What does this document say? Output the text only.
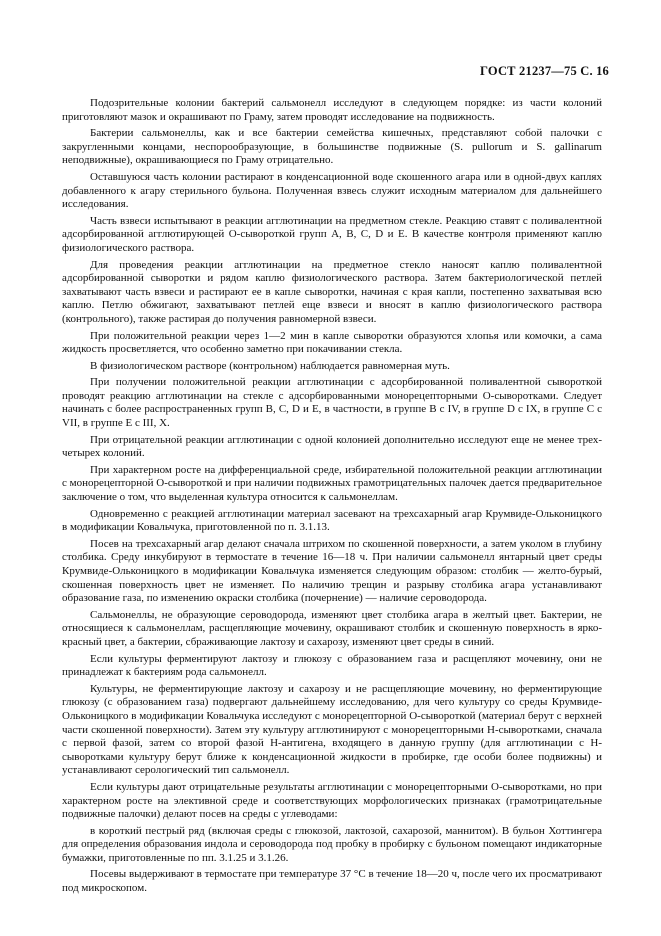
ГОСТ 21237—75 С. 16

Подозрительные колонии бактерий сальмонелл исследуют в следующем порядке: из части колоний приготовляют мазок и окрашивают по Граму, затем проводят исследование на подвижность.

Бактерии сальмонеллы, как и все бактерии семейства кишечных, представляют собой палочки с закругленными концами, неспорообразующие, в большинстве подвижные (S. pullorum и S. gallinarum неподвижные), окрашивающиеся по Граму отрицательно.

Оставшуюся часть колонии растирают в конденсационной воде скошенного агара или в одной-двух каплях добавленного к агару стерильного бульона. Полученная взвесь служит исходным материалом для дальнейшего исследования.

Часть взвеси испытывают в реакции агглютинации на предметном стекле. Реакцию ставят с поливалентной адсорбированной агглютирующей О-сывороткой групп А, В, С, D и Е. В качестве контроля применяют каплю физиологического раствора.

Для проведения реакции агглютинации на предметное стекло наносят каплю поливалентной адсорбированной сыворотки и рядом каплю физиологического раствора. Затем бактериологической петлей захватывают часть взвеси и растирают ее в капле сыворотки, начиная с края капли, постепенно захватывая всю каплю. Петлю обжигают, захватывают петлей еще взвеси и вносят в каплю физиологического раствора (контрольного), также растирая до получения равномерной взвеси.

При положительной реакции через 1—2 мин в капле сыворотки образуются хлопья или комочки, а сама жидкость просветляется, что особенно заметно при покачивании стекла.

В физиологическом растворе (контрольном) наблюдается равномерная муть.

При получении положительной реакции агглютинации с адсорбированной поливалентной сывороткой проводят реакцию агглютинации на стекле с адсорбированными монорецепторными О-сыворотками. Следует начинать с более распространенных групп В, С, D и Е, в частности, в группе В с IV, в группе D с IX, в группе С с VII, в группе Е с III, X.

При отрицательной реакции агглютинации с одной колонией дополнительно исследуют еще не менее трех-четырех колоний.

При характерном росте на дифференциальной среде, избирательной положительной реакции агглютинации с монорецепторной О-сывороткой и при наличии подвижных грамотрицательных палочек дается предварительное заключение о том, что выделенная культура относится к сальмонеллам.

Одновременно с реакцией агглютинации материал засевают на трехсахарный агар Крумвиде-Ольконицкого в модификации Ковальчука, приготовленной по п. 3.1.13.

Посев на трехсахарный агар делают сначала штрихом по скошенной поверхности, а затем уколом в глубину столбика. Среду инкубируют в термостате в течение 16—18 ч. При наличии сальмонелл янтарный цвет среды Крумвиде-Ольконицкого в модификации Ковальчука изменяется следующим образом: столбик — желто-бурый, скошенная поверхность цвет не изменяет. По наличию трещин и разрыву столбика агара устанавливают образование газа, по изменению окраски столбика (почернение) — наличие сероводорода.

Сальмонеллы, не образующие сероводорода, изменяют цвет столбика агара в желтый цвет. Бактерии, не относящиеся к сальмонеллам, расщепляющие мочевину, окрашивают столбик и скошенную поверхность в ярко-красный цвет, а бактерии, сбраживающие лактозу и сахарозу, изменяют цвет среды в синий.

Если культуры ферментируют лактозу и глюкозу с образованием газа и расщепляют мочевину, они не принадлежат к бактериям рода сальмонелл.

Культуры, не ферментирующие лактозу и сахарозу и не расщепляющие мочевину, но ферментирующие глюкозу (с образованием газа) подвергают дальнейшему исследованию, для чего культуру со среды Крумвиде-Ольконицкого в модификации Ковальчука исследуют с монорецепторной О-сывороткой (материал берут с верхней части скошенной поверхности). Затем эту культуру агглютинируют с монорецепторными Н-сыворотками, сначала с первой фазой, затем со второй фазой Н-антигена, входящего в данную группу (для агглютинации с Н-сыворотками культуру берут ближе к конденсационной жидкости в пробирке, где особи более подвижны) и устанавливают серологический тип сальмонелл.

Если культуры дают отрицательные результаты агглютинации с монорецепторными О-сыворотками, но при характерном росте на элективной среде и соответствующих морфологических признаках (грамотрицательные подвижные палочки) делают посев на среды с углеводами:

в короткий пестрый ряд (включая среды с глюкозой, лактозой, сахарозой, маннитом). В бульон Хоттингера для определения образования индола и сероводорода под пробку в пробирку с бульоном помещают индикаторные бумажки, приготовленные по пп. 3.1.25 и 3.1.26.

Посевы выдерживают в термостате при температуре 37 °С в течение 18—20 ч, после чего их просматривают под микроскопом.
